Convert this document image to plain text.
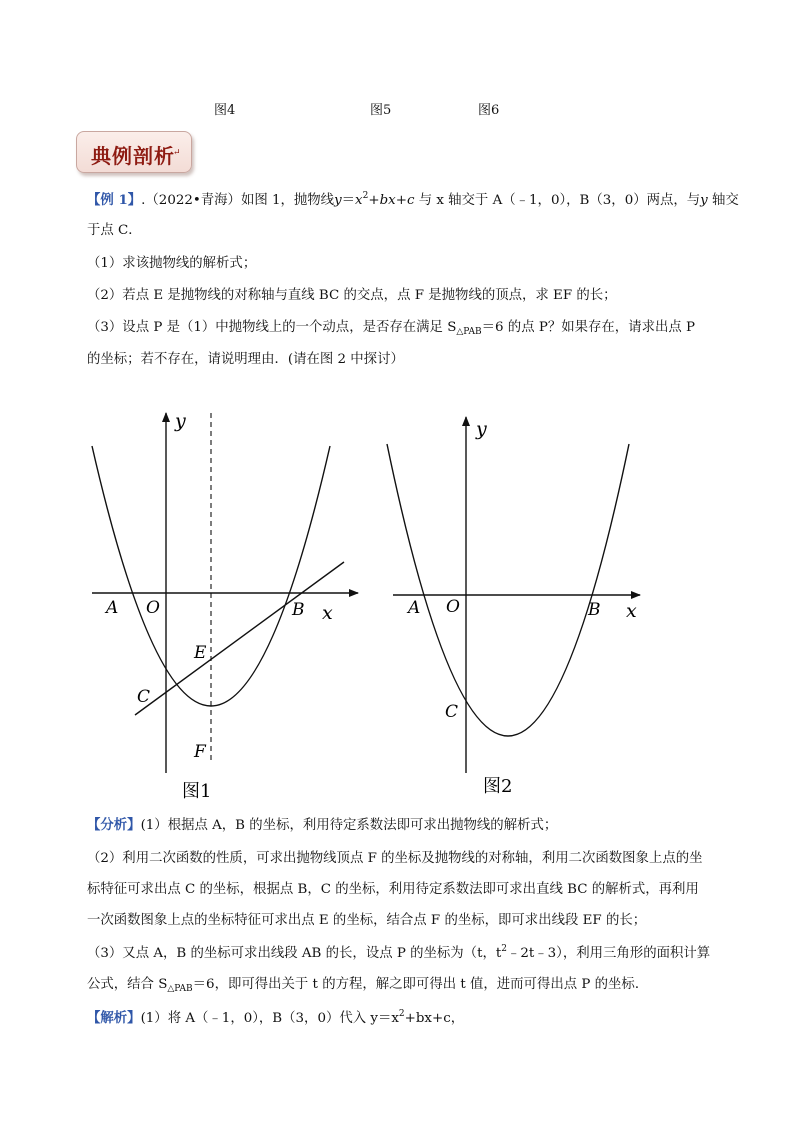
图4	图5	图6
典例剖析
↵
【例 1】.（2022•青海）如图 1，抛物线$y=x^2+bx+c$ 与 x 轴交于 A（﹣1，0），B（3，0）两点，与y 轴交
于点 C．
（1）求该抛物线的解析式；
（2）若点 E 是抛物线的对称轴与直线 BC 的交点，点 F 是抛物线的顶点，求 EF 的长；
（3）设点 P 是（1）中抛物线上的一个动点，是否存在满足 $S_{\triangle PAB}=6$ 的点 P？如果存在，请求出点 P
的坐标；若不存在，请说明理由．(请在图 2 中探讨）
y
x
A O	B
E
C
F
图1
y
x
A O	B
C
图2
【分析】(1）根据点 A，B 的坐标，利用待定系数法即可求出抛物线的解析式；
（2）利用二次函数的性质，可求出抛物线顶点 F 的坐标及抛物线的对称轴，利用二次函数图象上点的坐
标特征可求出点 C 的坐标，根据点 B，C 的坐标，利用待定系数法即可求出直线 BC 的解析式，再利用
一次函数图象上点的坐标特征可求出点 E 的坐标，结合点 F 的坐标，即可求出线段 EF 的长；
（3）又点 A，B 的坐标可求出线段 AB 的长，设点 P 的坐标为（t，$t^2﹣2t﹣3$），利用三角形的面积计算
公式，结合 $S_{\triangle PAB}=6$，即可得出关于 t 的方程，解之即可得出 t 值，进而可得出点 P 的坐标．
【解析】(1）将 A（﹣1，0），B（3，0）代入 $y=x^2+bx+c$，
